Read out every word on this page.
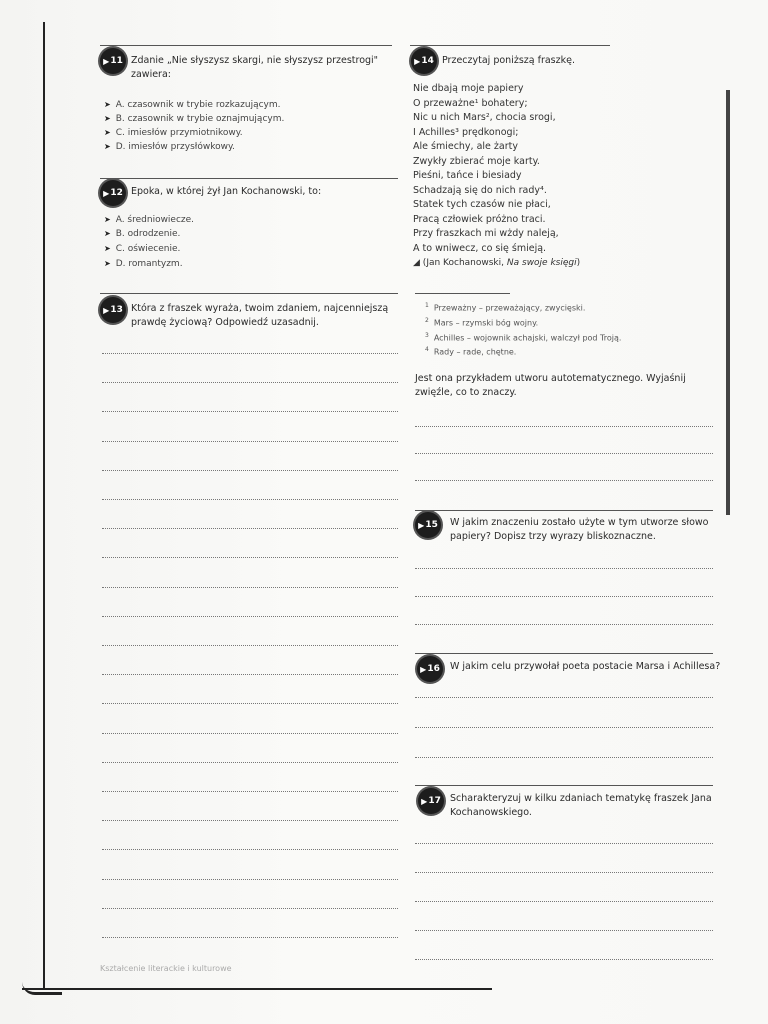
▶ 11 Zdanie „Nie słyszysz skargi, nie słyszysz przestrogi"
zawiera:
➤ A. czasownik w trybie rozkazującym.
➤ B. czasownik w trybie oznajmującym.
➤ C. imiesłów przymiotnikowy.
➤ D. imiesłów przysłówkowy.
▶ 12 Epoka, w której żył Jan Kochanowski, to:
➤ A. średniowiecze.
➤ B. odrodzenie.
➤ C. oświecenie.
➤ D. romantyzm.
▶ 13 Która z fraszek wyraża, twoim zdaniem, najcenniejszą
prawdę życiową? Odpowiedź uzasadnij.
▶ 14 Przeczytaj poniższą fraszkę.
Nie dbają moje papiery
O przeważne¹ bohatery;
Nic u nich Mars², chocia srogi,
I Achilles³ prędkonogi;
Ale śmiechy, ale żarty
Zwykły zbierać moje karty.
Pieśni, tańce i biesiady
Schadzają się do nich rady⁴.
Statek tych czasów nie płaci,
Pracą człowiek próżno traci.
Przy fraszkach mi wżdy naleją,
A to wniwecz, co się śmieją.
◢ (Jan Kochanowski, Na swoje księgi)
$^1$ Przeważny – przeważający, zwycięski.
$^2$ Mars – rzymski bóg wojny.
$^3$ Achilles – wojownik achajski, walczył pod Troją.
$^4$ Rady – rade, chętne.
Jest ona przykładem utworu autotematycznego. Wyjaśnij
zwięźle, co to znaczy.
▶ 15 W jakim znaczeniu zostało użyte w tym utworze słowo
papiery? Dopisz trzy wyrazy bliskoznaczne.
▶ 16 W jakim celu przywołał poeta postacie Marsa i Achillesa?
▶ 17 Scharakteryzuj w kilku zdaniach tematykę fraszek Jana
Kochanowskiego.
Kształcenie literackie i kulturowe
